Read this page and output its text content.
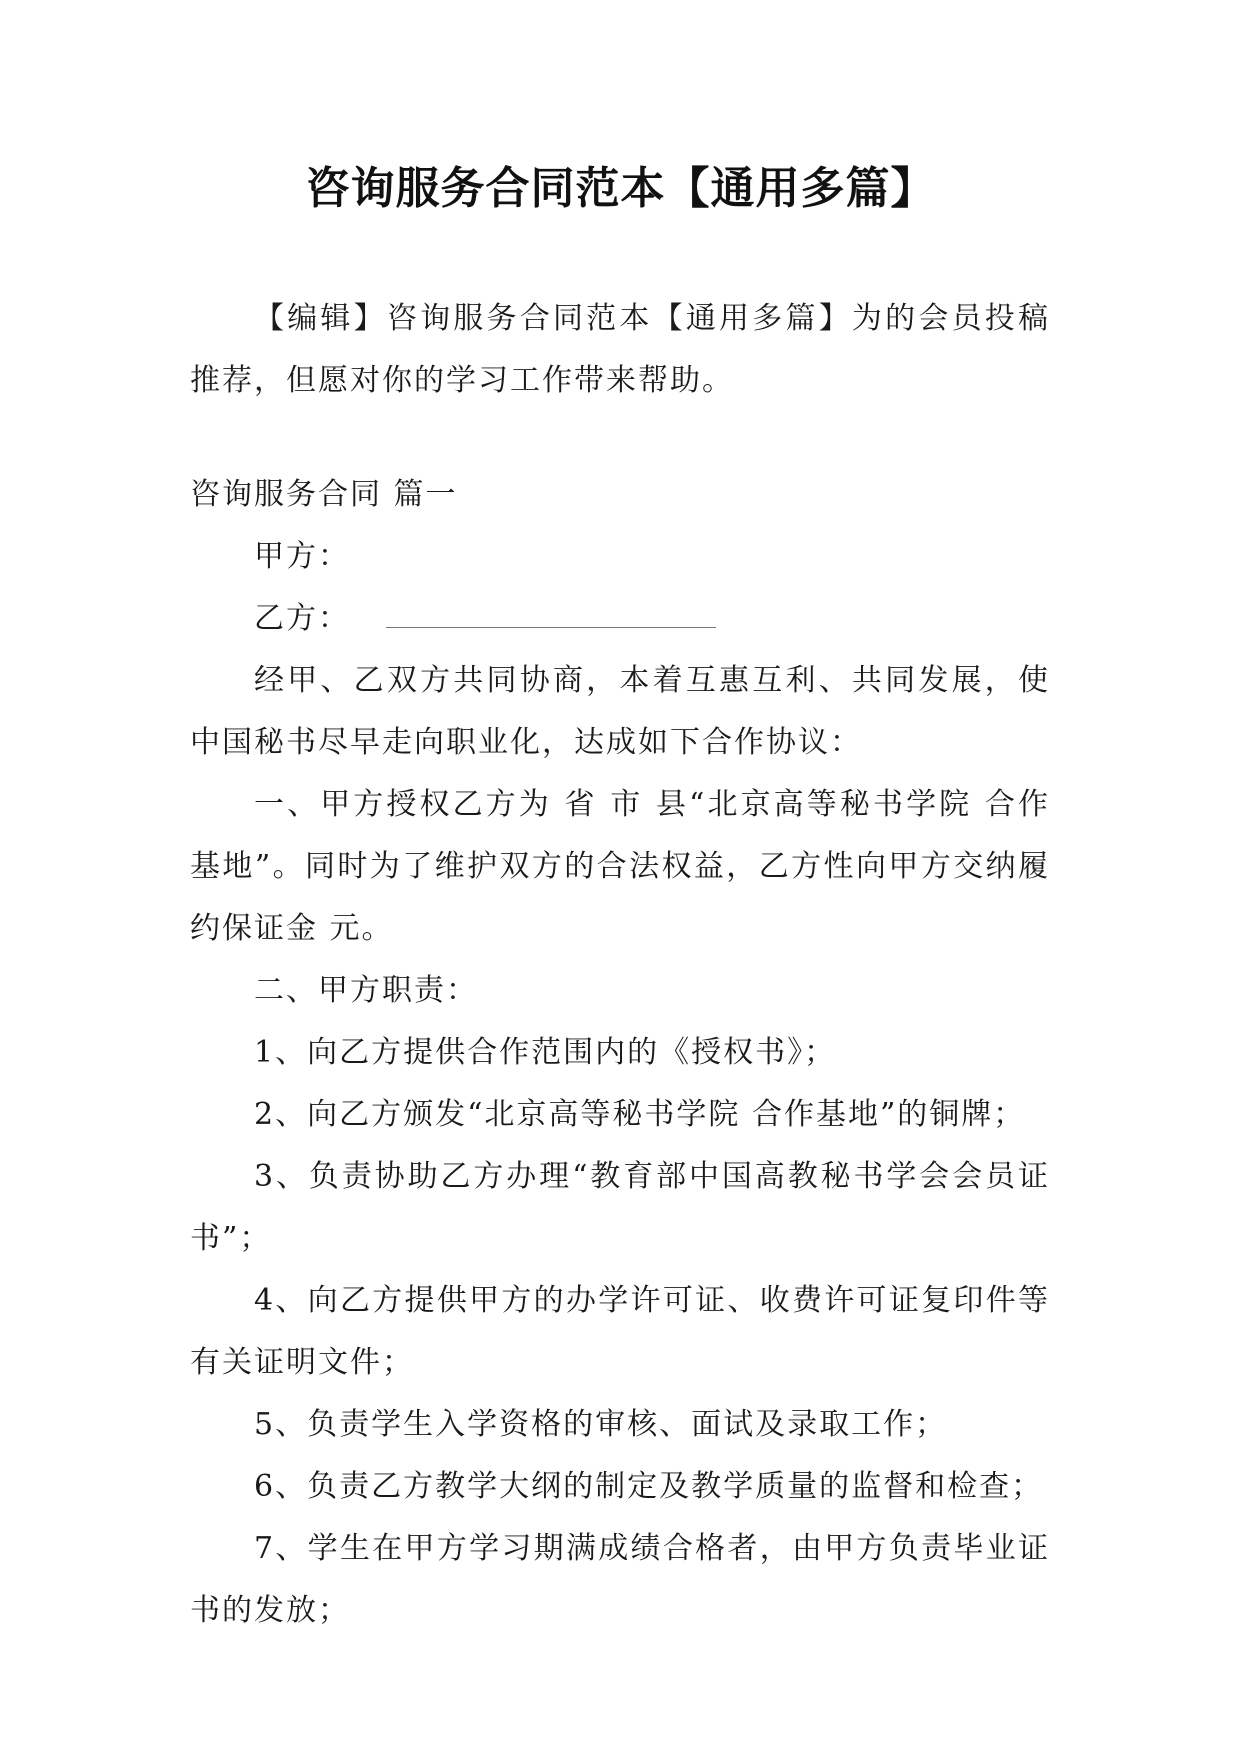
咨询服务合同范本【通用多篇】

【编辑】咨询服务合同范本【通用多篇】为的会员投稿推荐，但愿对你的学习工作带来帮助。

咨询服务合同 篇一

甲方：

乙方：

经甲、乙双方共同协商，本着互惠互利、共同发展，使中国秘书尽早走向职业化，达成如下合作协议：

一、甲方授权乙方为 省 市 县“北京高等秘书学院 合作基地”。同时为了维护双方的合法权益，乙方性向甲方交纳履约保证金 元。

二、甲方职责：

1、向乙方提供合作范围内的《授权书》；

2、向乙方颁发“北京高等秘书学院 合作基地”的铜牌；

3、负责协助乙方办理“教育部中国高教秘书学会会员证书”；

4、向乙方提供甲方的办学许可证、收费许可证复印件等有关证明文件；

5、负责学生入学资格的审核、面试及录取工作；

6、负责乙方教学大纲的制定及教学质量的监督和检查；

7、学生在甲方学习期满成绩合格者，由甲方负责毕业证书的发放；
